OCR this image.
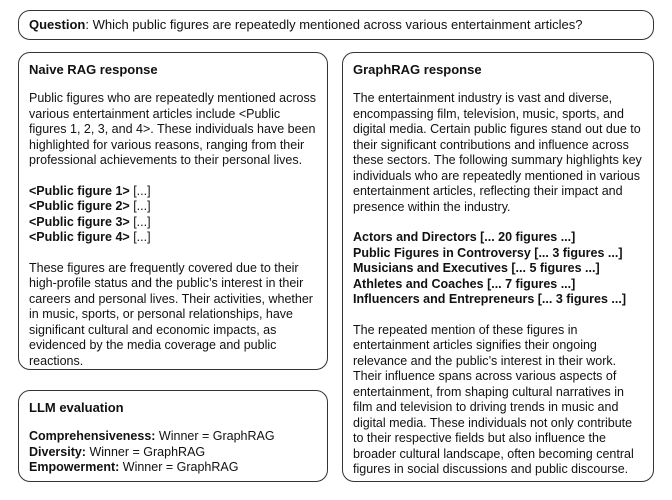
Question: Which public figures are repeatedly mentioned across various entertainment articles?
Naive RAG response

Public figures who are repeatedly mentioned across various entertainment articles include <Public figures 1, 2, 3, and 4>. These individuals have been highlighted for various reasons, ranging from their professional achievements to their personal lives.

<Public figure 1> [...]
<Public figure 2> [...]
<Public figure 3> [...]
<Public figure 4> [...]

These figures are frequently covered due to their high-profile status and the public’s interest in their careers and personal lives. Their activities, whether in music, sports, or personal relationships, have significant cultural and economic impacts, as evidenced by the media coverage and public reactions.

LLM evaluation
Comprehensiveness: Winner = GraphRAG
Diversity: Winner = GraphRAG
Empowerment: Winner = GraphRAG
GraphRAG response

The entertainment industry is vast and diverse, encompassing film, television, music, sports, and digital media. Certain public figures stand out due to their significant contributions and influence across these sectors. The following summary highlights key individuals who are repeatedly mentioned in various entertainment articles, reflecting their impact and presence within the industry.

Actors and Directors [... 20 figures ...]
Public Figures in Controversy [... 3 figures ...]
Musicians and Executives [... 5 figures ...]
Athletes and Coaches [... 7 figures ...]
Influencers and Entrepreneurs [... 3 figures ...]

The repeated mention of these figures in entertainment articles signifies their ongoing relevance and the public’s interest in their work. Their influence spans across various aspects of entertainment, from shaping cultural narratives in film and television to driving trends in music and digital media. These individuals not only contribute to their respective fields but also influence the broader cultural landscape, often becoming central figures in social discussions and public discourse.
